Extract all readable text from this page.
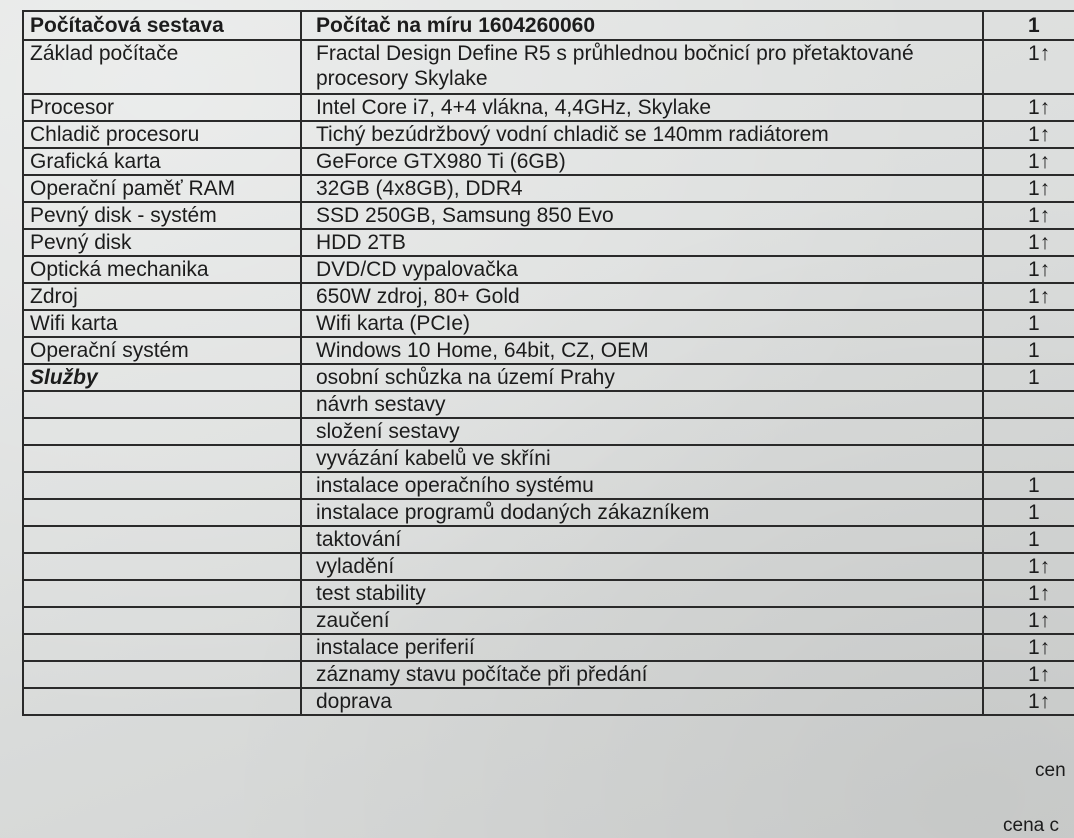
Počítačová sestava	Počítač na míru 1604260060	1
Základ počítače	Fractal Design Define R5 s průhlednou bočnicí pro přetaktované procesory Skylake	1↑
Procesor	Intel Core i7, 4+4 vlákna, 4,4GHz, Skylake	1↑
Chladič procesoru	Tichý bezúdržbový vodní chladič se 140mm radiátorem	1↑
Grafická karta	GeForce GTX980 Ti (6GB)	1↑
Operační paměť RAM	32GB (4x8GB), DDR4	1↑
Pevný disk - systém	SSD 250GB, Samsung 850 Evo	1↑
Pevný disk	HDD 2TB	1↑
Optická mechanika	DVD/CD vypalovačka	1↑
Zdroj	650W zdroj, 80+ Gold	1↑
Wifi karta	Wifi karta (PCIe)	1
Operační systém	Windows 10 Home, 64bit, CZ, OEM	1
Služby	osobní schůzka na území Prahy	1
	návrh sestavy	
	složení sestavy	
	vyvázání kabelů ve skříni	
	instalace operačního systému	1
	instalace programů dodaných zákazníkem	1
	taktování	1
	vyladění	1↑
	test stability	1↑
	zaučení	1↑
	instalace periferií	1↑
	záznamy stavu počítače při předání	1↑
	doprava	1↑
cen
cena c
